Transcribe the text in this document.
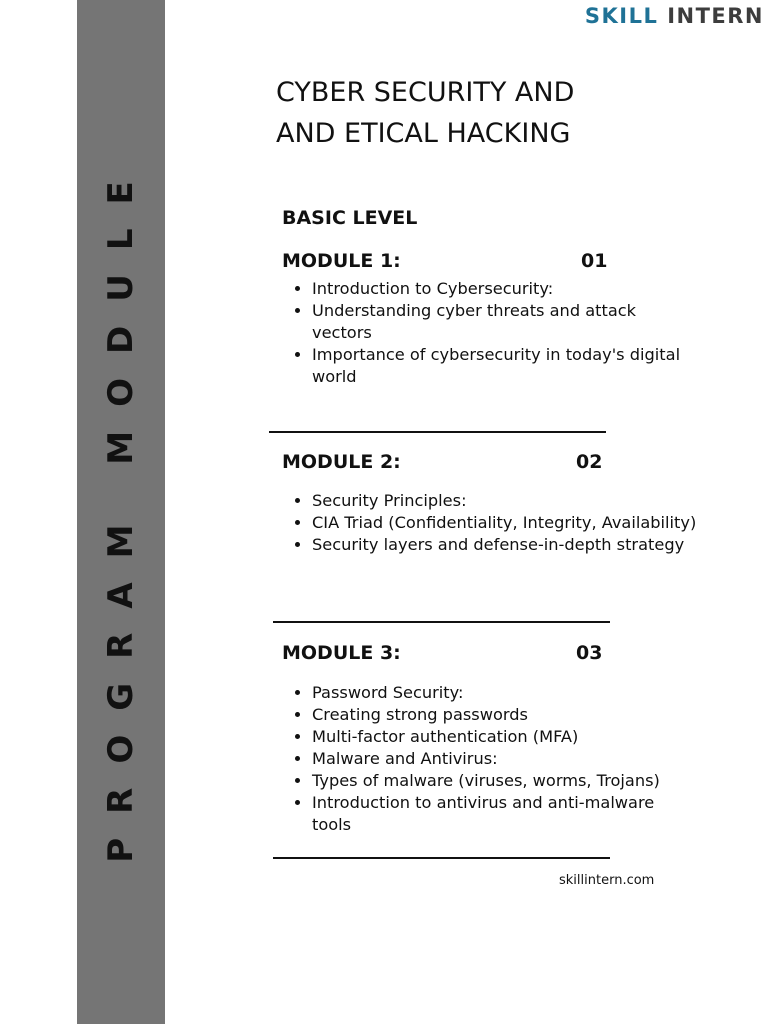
PROGRAM MODULE
SKILL INTERN
CYBER SECURITY AND
AND ETICAL HACKING
BASIC LEVEL
MODULE 1:	01
• Introduction to Cybersecurity:
• Understanding cyber threats and attack vectors
• Importance of cybersecurity in today's digital world
MODULE 2:	02
• Security Principles:
• CIA Triad (Confidentiality, Integrity, Availability)
• Security layers and defense-in-depth strategy
MODULE 3:	03
• Password Security:
• Creating strong passwords
• Multi-factor authentication (MFA)
• Malware and Antivirus:
• Types of malware (viruses, worms, Trojans)
• Introduction to antivirus and anti-malware tools
skillintern.com
